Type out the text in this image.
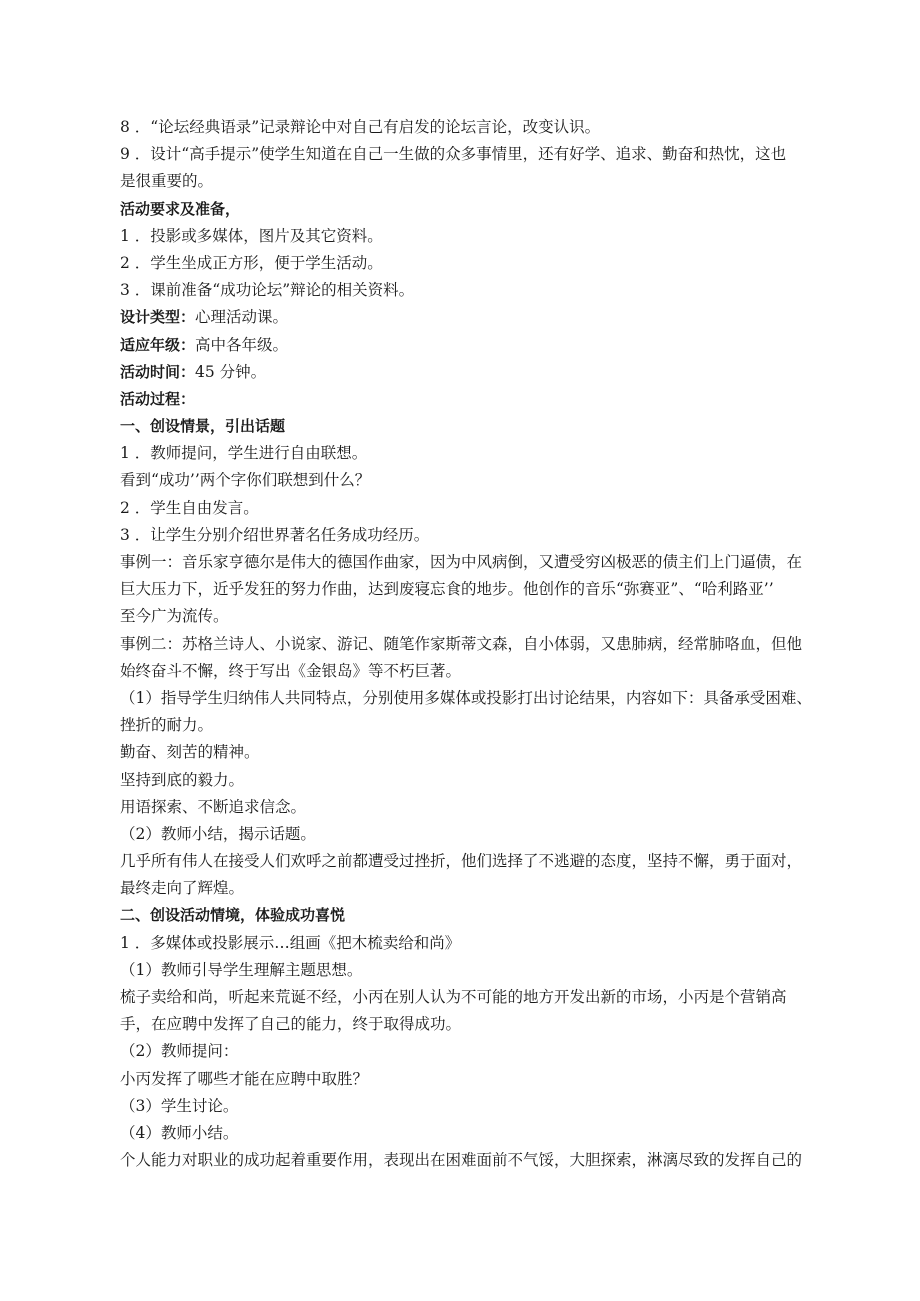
8 ．“论坛经典语录”记录辩论中对自己有启发的论坛言论，改变认识。
9 ．设计“高手提示”使学生知道在自己一生做的众多事情里，还有好学、追求、勤奋和热忱，这也
是很重要的。
活动要求及准备，
1 ．投影或多媒体，图片及其它资料。
2 ．学生坐成正方形，便于学生活动。
3 ．课前准备“成功论坛”辩论的相关资料。
设计类型：心理活动课。
适应年级：高中各年级。
活动时间：45 分钟。
活动过程：
一、创设情景，引出话题
1 ．教师提问，学生进行自由联想。
看到“成功’’两个字你们联想到什么？
2 ．学生自由发言。
3 ．让学生分别介绍世界著名任务成功经历。
事例一：音乐家亨德尔是伟大的德国作曲家，因为中风病倒，又遭受穷凶极恶的债主们上门逼债，在
巨大压力下，近乎发狂的努力作曲，达到废寝忘食的地步。他创作的音乐“弥赛亚”、“哈利路亚’’
至今广为流传。
事例二：苏格兰诗人、小说家、游记、随笔作家斯蒂文森，自小体弱，又患肺病，经常肺咯血，但他
始终奋斗不懈，终于写出《金银岛》等不朽巨著。
（1）指导学生归纳伟人共同特点，分别使用多媒体或投影打出讨论结果，内容如下：具备承受困难、
挫折的耐力。
勤奋、刻苦的精神。
坚持到底的毅力。
用语探索、不断追求信念。
（2）教师小结，揭示话题。
几乎所有伟人在接受人们欢呼之前都遭受过挫折，他们选择了不逃避的态度，坚持不懈，勇于面对，
最终走向了辉煌。
二、创设活动情境，体验成功喜悦
1 ．多媒体或投影展示…组画《把木梳卖给和尚》
（1）教师引导学生理解主题思想。
梳子卖给和尚，听起来荒诞不经，小丙在别人认为不可能的地方开发出新的市场，小丙是个营销高
手，在应聘中发挥了自己的能力，终于取得成功。
（2）教师提问：
小丙发挥了哪些才能在应聘中取胜？
（3）学生讨论。
（4）教师小结。
个人能力对职业的成功起着重要作用，表现出在困难面前不气馁，大胆探索，淋漓尽致的发挥自己的
